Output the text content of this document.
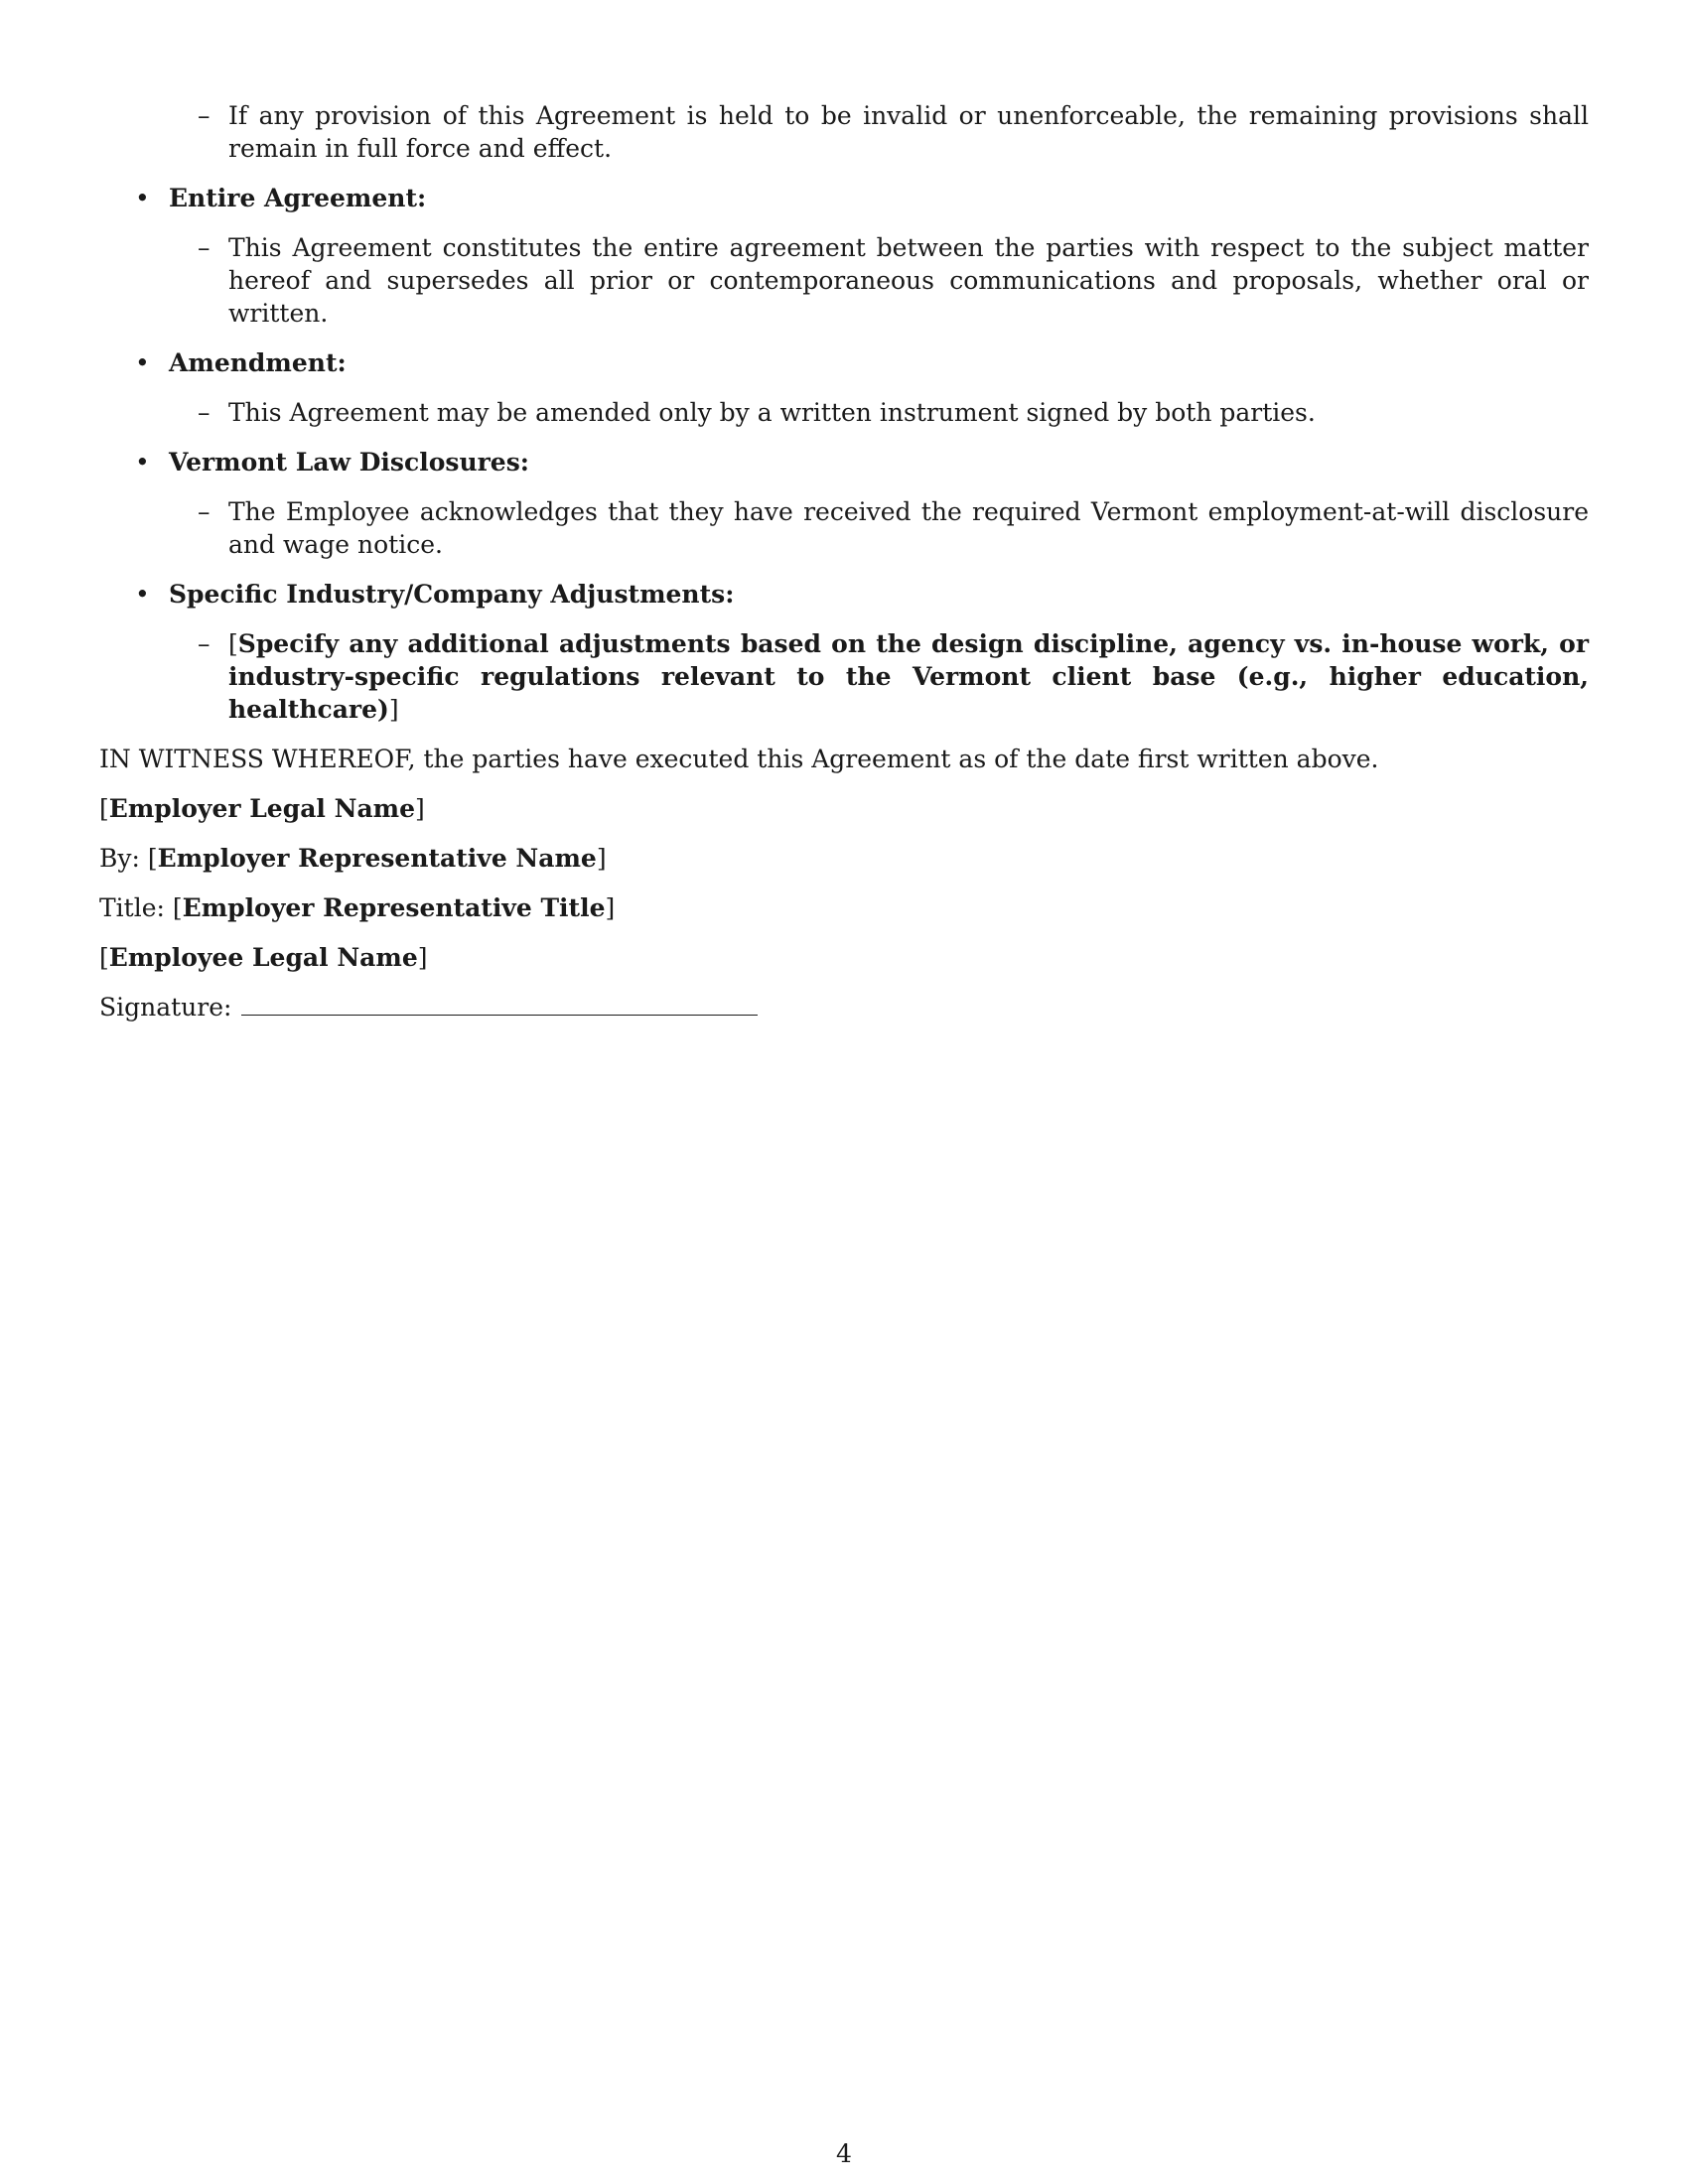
– If any provision of this Agreement is held to be invalid or unenforceable, the remaining provisions shall remain in full force and effect.
• Entire Agreement:
– This Agreement constitutes the entire agreement between the parties with respect to the subject matter hereof and supersedes all prior or contemporaneous communications and proposals, whether oral or written.
• Amendment:
– This Agreement may be amended only by a written instrument signed by both parties.
• Vermont Law Disclosures:
– The Employee acknowledges that they have received the required Vermont employment-at-will disclosure and wage notice.
• Specific Industry/Company Adjustments:
– [Specify any additional adjustments based on the design discipline, agency vs. in-house work, or industry-specific regulations relevant to the Vermont client base (e.g., higher education, healthcare)]
IN WITNESS WHEREOF, the parties have executed this Agreement as of the date first written above.
[Employer Legal Name]
By: [Employer Representative Name]
Title: [Employer Representative Title]
[Employee Legal Name]
Signature:
4
